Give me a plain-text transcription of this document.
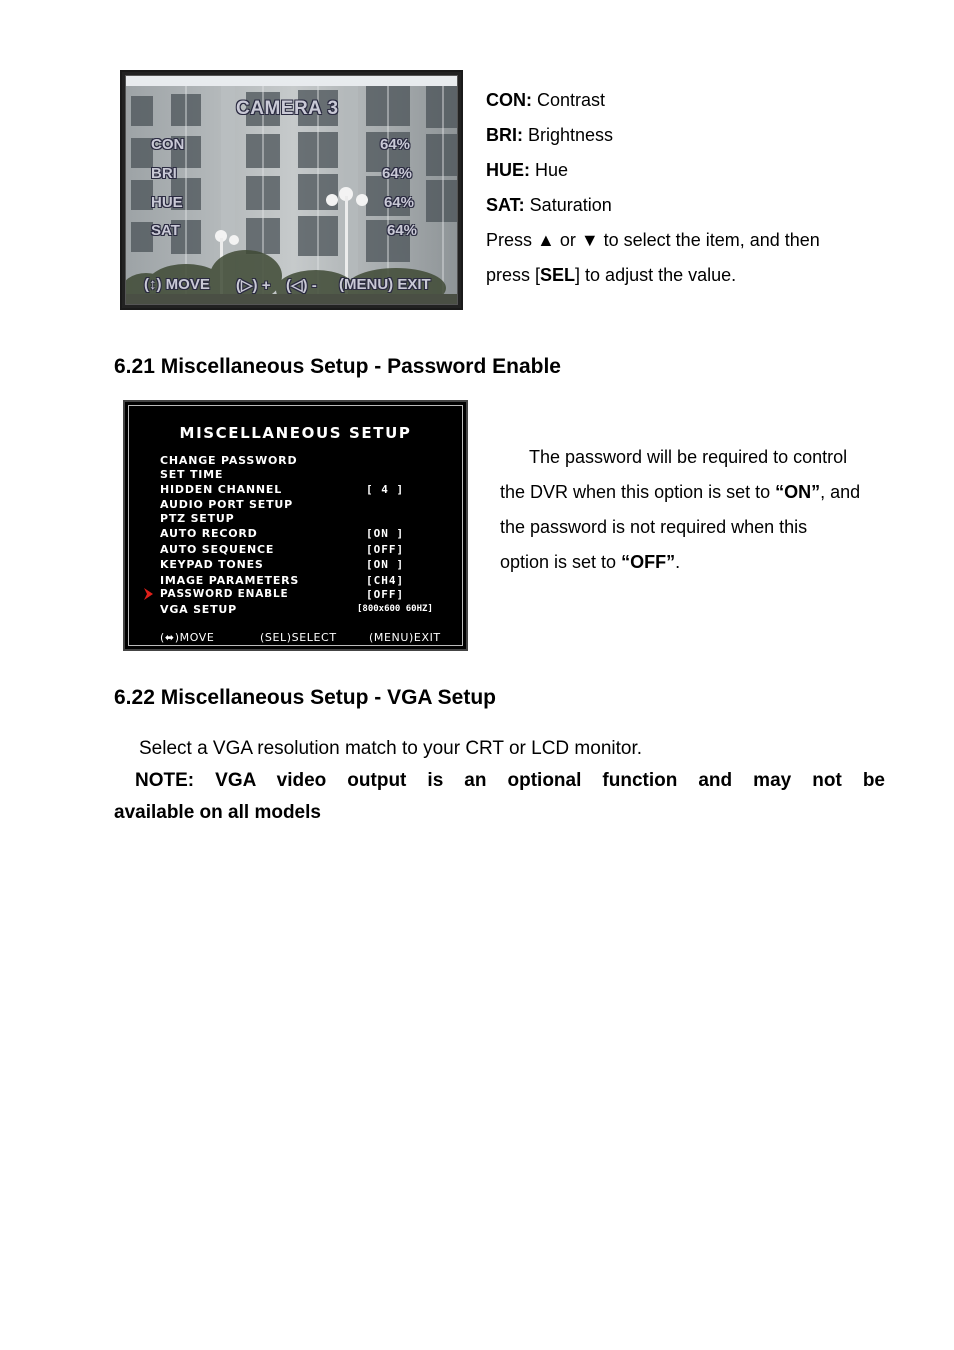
CAMERA 3
CON	64%
BRI	64%
HUE	64%
SAT	64%
(↕) MOVE (▷) + (◁) - (MENU) EXIT
CON: Contrast
BRI: Brightness
HUE: Hue
SAT: Saturation
Press ▲ or ▼ to select the item, and then
press [SEL] to adjust the value.
6.21 Miscellaneous Setup - Password Enable
MISCELLANEOUS SETUP
CHANGE PASSWORD
SET TIME
HIDDEN CHANNEL	[ 4 ]
AUDIO PORT SETUP
PTZ SETUP
AUTO RECORD	[ON ]
AUTO SEQUENCE	[OFF]
KEYPAD TONES	[ON ]
IMAGE PARAMETERS	[CH4]
PASSWORD ENABLE	[OFF]
VGA SETUP	[800x600 60HZ]
(⬌)MOVE	(SEL)SELECT	(MENU)EXIT
The password will be required to control
the DVR when this option is set to “ON”, and
the password is not required when this
option is set to “OFF”.
6.22 Miscellaneous Setup - VGA Setup
Select a VGA resolution match to your CRT or LCD monitor.
NOTE: VGA video output is an optional function and may not be
available on all models
